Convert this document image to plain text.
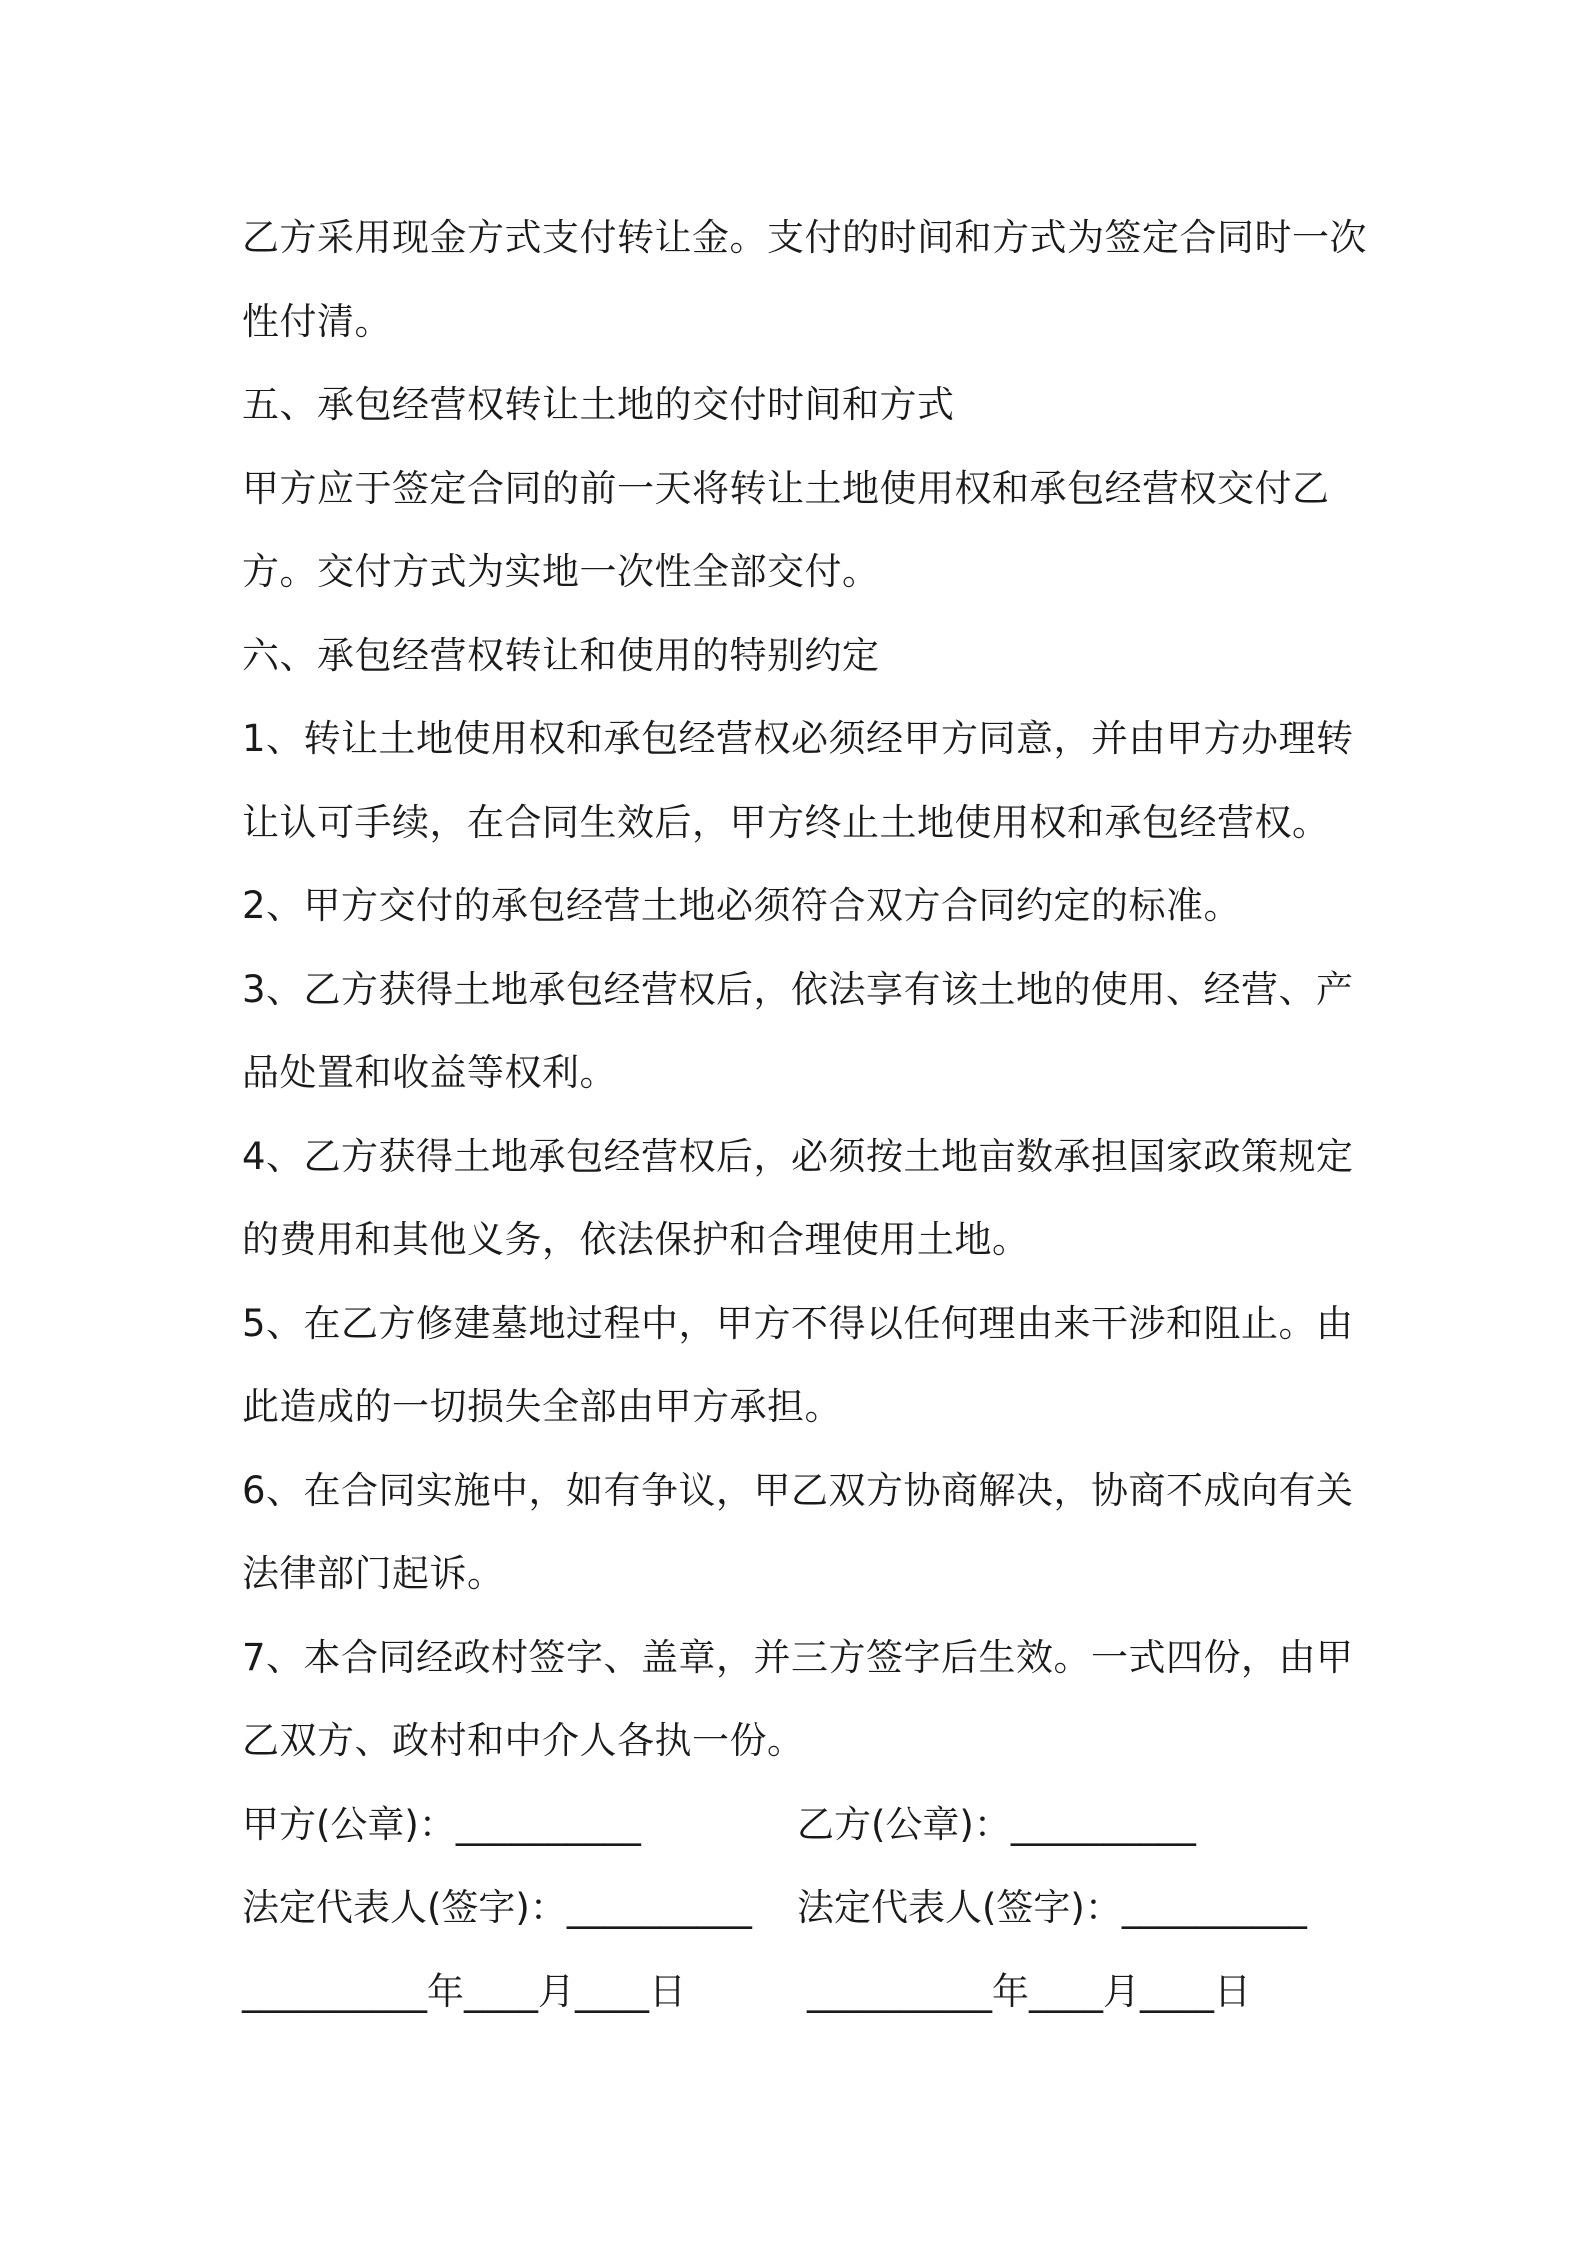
乙方采用现金方式支付转让金。支付的时间和方式为签定合同时一次
性付清。
五、承包经营权转让土地的交付时间和方式
甲方应于签定合同的前一天将转让土地使用权和承包经营权交付乙
方。交付方式为实地一次性全部交付。
六、承包经营权转让和使用的特别约定
1、转让土地使用权和承包经营权必须经甲方同意，并由甲方办理转
让认可手续，在合同生效后，甲方终止土地使用权和承包经营权。
2、甲方交付的承包经营土地必须符合双方合同约定的标准。
3、乙方获得土地承包经营权后，依法享有该土地的使用、经营、产
品处置和收益等权利。
4、乙方获得土地承包经营权后，必须按土地亩数承担国家政策规定
的费用和其他义务，依法保护和合理使用土地。
5、在乙方修建墓地过程中，甲方不得以任何理由来干涉和阻止。由
此造成的一切损失全部由甲方承担。
6、在合同实施中，如有争议，甲乙双方协商解决，协商不成向有关
法律部门起诉。
7、本合同经政村签字、盖章，并三方签字后生效。一式四份，由甲
乙双方、政村和中介人各执一份。
甲方(公章)：__________	乙方(公章)：__________
法定代表人(签字)：__________ 法定代表人(签字)：__________
__________年____月____日	__________年____月____日
